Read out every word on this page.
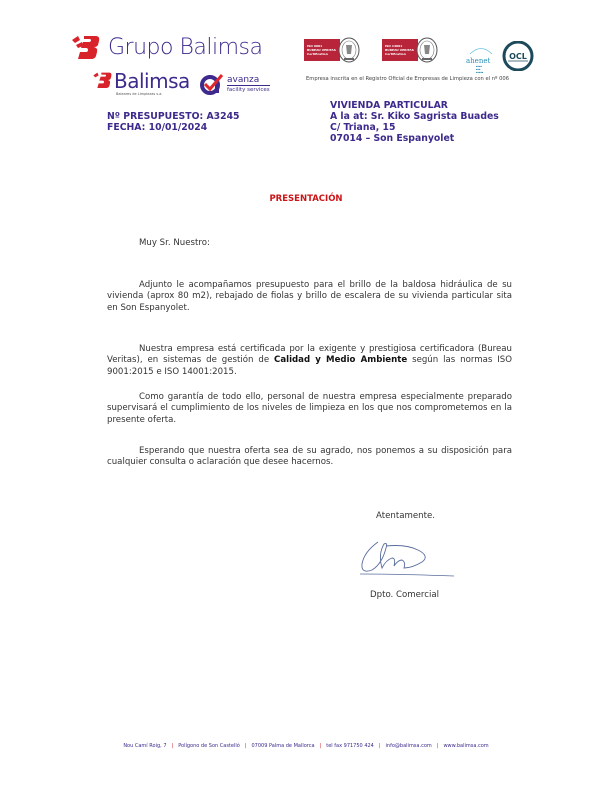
Grupo Balimsa
Balimsa
Baleares de Limpiezas s.a.
avanza
facility services
ISO 9001
BUREAU VERITAS
Certification
ISO 14001
BUREAU VERITAS
Certification
ahenet
▪▪▪▪
▪▪▪
▪▪▪▪▪
OCL
Empresa inscrita en el Registro Oficial de Empresas de Limpieza con el nº 006
Nº PRESUPUESTO: A3245
FECHA: 10/01/2024
VIVIENDA PARTICULAR
A la at: Sr. Kiko Sagrista Buades
C/ Triana, 15
07014 – Son Espanyolet
PRESENTACIÓN
Muy Sr. Nuestro:
Adjunto le acompañamos presupuesto para el brillo de la baldosa hidráulica de su vivienda (aprox 80 m2), rebajado de fiolas y brillo de escalera de su vivienda particular sita en Son Espanyolet.
Nuestra empresa está certificada por la exigente y prestigiosa certificadora (Bureau Veritas), en sistemas de gestión de Calidad y Medio Ambiente según las normas ISO 9001:2015 e ISO 14001:2015.
Como garantía de todo ello, personal de nuestra empresa especialmente preparado supervisará el cumplimiento de los niveles de limpieza en los que nos comprometemos en la presente oferta.
Esperando que nuestra oferta sea de su agrado, nos ponemos a su disposición para cualquier consulta o aclaración que desee hacernos.
Atentamente.
Dpto. Comercial
Nou Camí Roig, 7 | Polígono de Son Castelló | 07009 Palma de Mallorca | tel fax 971750 424 | info@balimsa.com | www.balimsa.com
